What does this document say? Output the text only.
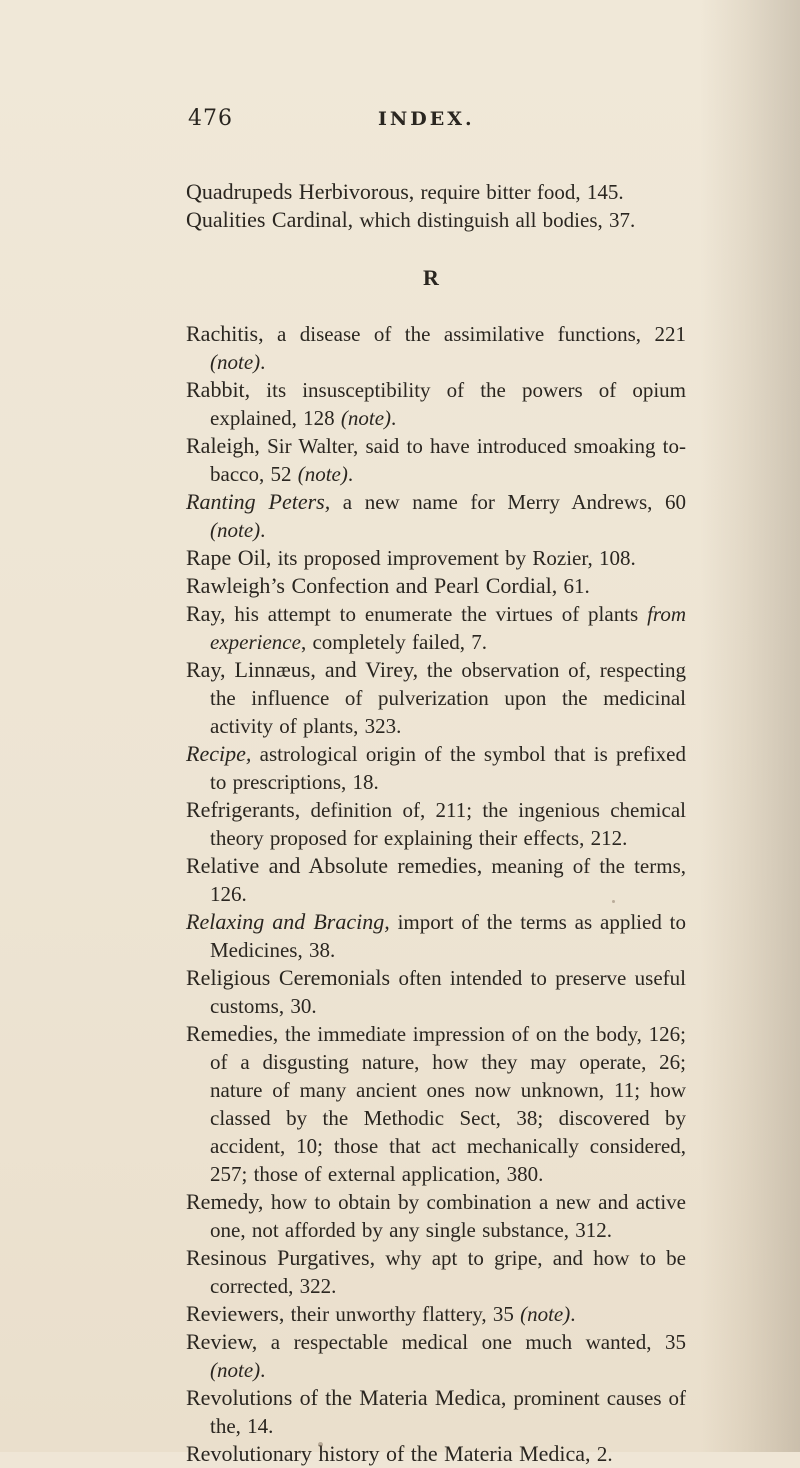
476	INDEX.

Quadrupeds Herbivorous, require bitter food, 145.

Qualities Cardinal, which distinguish all bodies, 37.

R

Rachitis, a disease of the assimilative functions, 221 (note).

Rabbit, its insusceptibility of the powers of opium explained, 128 (note).

Raleigh, Sir Walter, said to have introduced smoaking tobacco, 52 (note).

Ranting Peters, a new name for Merry Andrews, 60 (note).

Rape Oil, its proposed improvement by Rozier, 108.

Rawleigh’s Confection and Pearl Cordial, 61.

Ray, his attempt to enumerate the virtues of plants from experience, completely failed, 7.

Ray, Linnæus, and Virey, the observation of, respecting the influence of pulverization upon the medicinal activity of plants, 323.

Recipe, astrological origin of the symbol that is prefixed to prescriptions, 18.

Refrigerants, definition of, 211; the ingenious chemical theory proposed for explaining their effects, 212.

Relative and Absolute remedies, meaning of the terms, 126.

Relaxing and Bracing, import of the terms as applied to Medicines, 38.

Religious Ceremonials often intended to preserve useful customs, 30.

Remedies, the immediate impression of on the body, 126; of a disgusting nature, how they may operate, 26; nature of many ancient ones now unknown, 11; how classed by the Methodic Sect, 38; discovered by accident, 10; those that act mechanically considered, 257; those of external application, 380.

Remedy, how to obtain by combination a new and active one, not afforded by any single substance, 312.

Resinous Purgatives, why apt to gripe, and how to be corrected, 322.

Reviewers, their unworthy flattery, 35 (note).

Review, a respectable medical one much wanted, 35 (note).

Revolutions of the Materia Medica, prominent causes of the, 14.

Revolutionary history of the Materia Medica, 2.
